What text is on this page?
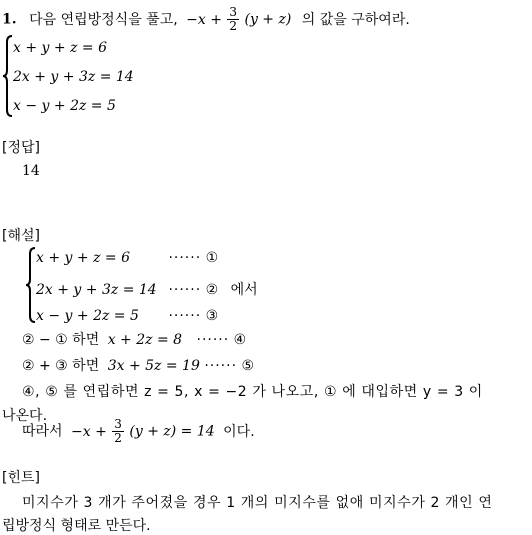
1. 다음 연립방정식을 풀고, $-x + \frac{3}{2} (y + z)$ 의 값을 구하여라.
x + y + z = 6
2x + y + 3z = 14
x − y + 2z = 5
[정답]
14
[해설]
x + y + z = 6	······ ①
2x + y + 3z = 14 ······ ② 에서
x − y + 2z = 5 ······ ③
② − ① 하면 x + 2z = 8 ······ ④
② + ③ 하면 3x + 5z = 19 ······ ⑤
④, ⑤ 를 연립하면 z = 5, x = −2 가 나오고, ① 에 대입하면 y = 3 이
나온다.
따라서 $-x + \frac{3}{2} (y + z) = 14$ 이다.
[힌트]
미지수가 3 개가 주어졌을 경우 1 개의 미지수를 없애 미지수가 2 개인 연
립방정식 형태로 만든다.
